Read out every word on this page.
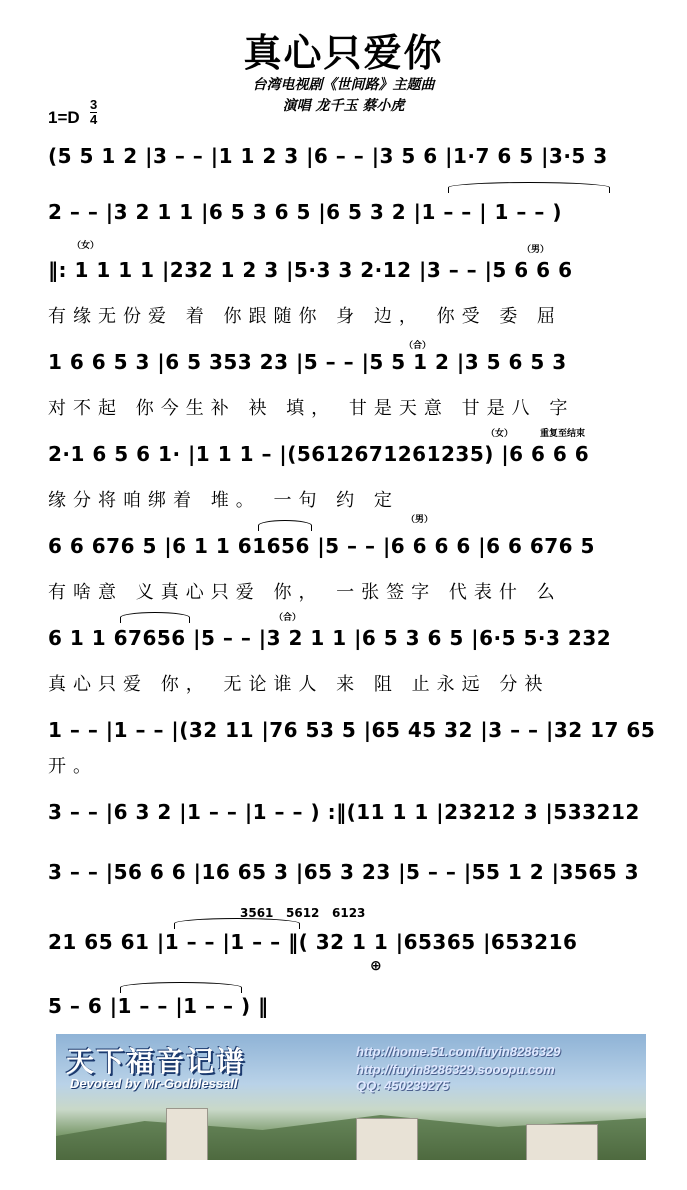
真心只爱你
台湾电视剧《世间路》主题曲
演唱 龙千玉 蔡小虎
1=D
3
4
(5 5 1 2 |3 – – |1 1 2 3 |6 – – |3 5 6 |1·7 6 5 |3·5 3
2 – – |3 2 1 1 |6 5 3 6 5 |6 5 3 2 |1 – – | 1 – – )
（女）	（男）
‖: 1 1 1 1 |232 1 2 3 |5·3 3 2·12 |3 – – |5 6 6 6
有缘无份爱 着 你跟随你 身 边， 你受 委 屈
（合）
1 6 6 5 3 |6 5 353 23 |5 – – |5 5 1 2 |3 5 6 5 3
对不起 你今生补 袂 填， 甘是天意 甘是八 字
（女）	重复至结束
2·1 6 5 6 1· |1 1 1 – |(5612671261235) |6 6 6 6
缘分将咱绑着 堆。 一句 约 定
（男）
6 6 676 5 |6 1 1 61656 |5 – – |6 6 6 6 |6 6 676 5
有啥意 义真心只爱 你， 一张签字 代表什 么
（合）
6 1 1 67656 |5 – – |3 2 1 1 |6 5 3 6 5 |6·5 5·3 232
真心只爱 你， 无论谁人 来 阻 止永远 分袂
1 – – |1 – – |(32 11 |76 53 5 |65 45 32 |3 – – |32 17 65
开。
3 – – |6 3 2 |1 – – |1 – – ) :‖(11 1 1 |23212 3 |533212
3 – – |56 6 6 |16 65 3 |65 3 23 |5 – – |55 1 2 |3565 3
3561 5612 6123
21 65 61 |1 – – |1 – – ‖( 32 1 1 |65365 |653216
⊕
5 – 6 |1 – – |1 – – ) ‖
天下福音记谱
Devoted by Mr-Godblessall
http://home.51.com/fuyin8286329
http://fuyin8286329.sooopu.com
QQ: 450239275
